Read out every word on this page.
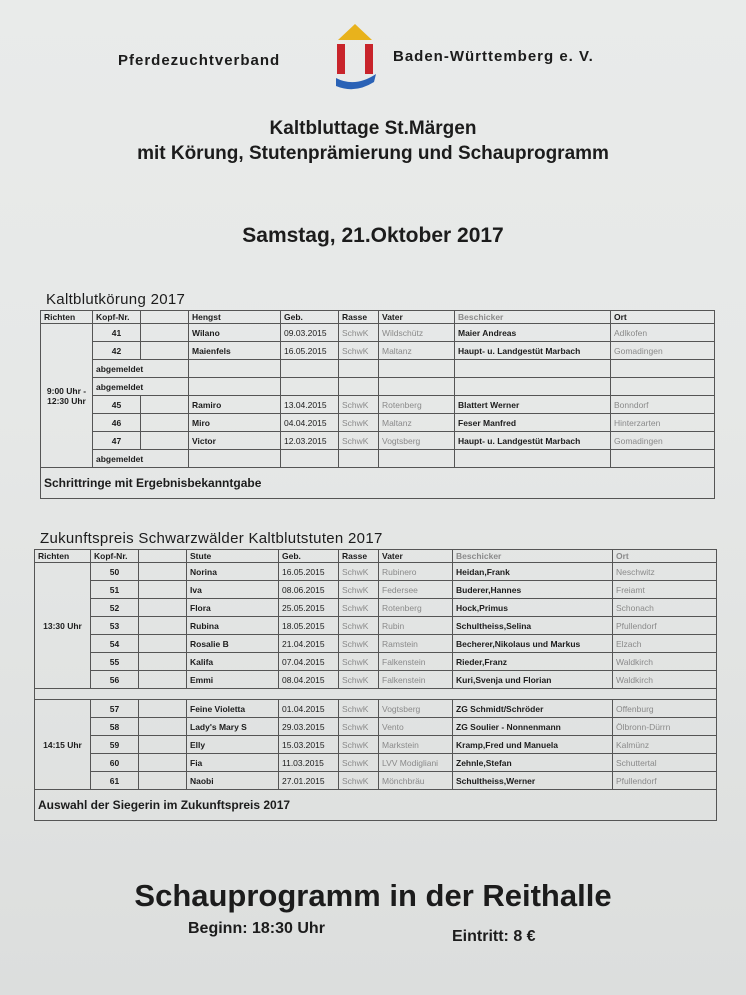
Pferdezuchtverband	Baden-Württemberg e. V.
Kaltbluttage St.Märgen
mit Körung, Stutenprämierung und Schauprogramm
Samstag, 21.Oktober 2017
Kaltblutkörung 2017
Richten	Kopf-Nr.		Hengst	Geb.	Rasse	Vater	Beschicker	Ort
9:00 Uhr - 12:30 Uhr	41		Wilano	09.03.2015	SchwK	Wildschütz	Maier Andreas	Adlkofen
	42		Maienfels	16.05.2015	SchwK	Maltanz	Haupt- u. Landgestüt Marbach	Gomadingen
	abgemeldet							
	abgemeldet							
	45		Ramiro	13.04.2015	SchwK	Rotenberg	Blattert Werner	Bonndorf
	46		Miro	04.04.2015	SchwK	Maltanz	Feser Manfred	Hinterzarten
	47		Victor	12.03.2015	SchwK	Vogtsberg	Haupt- u. Landgestüt Marbach	Gomadingen
	abgemeldet							
Schrittringe mit Ergebnisbekanntgabe								
Zukunftspreis Schwarzwälder Kaltblutstuten 2017
Richten	Kopf-Nr.		Stute	Geb.	Rasse	Vater	Beschicker	Ort
13:30 Uhr	50		Norina	16.05.2015	SchwK	Rubinero	Heidan,Frank	Neschwitz
	51		Iva	08.06.2015	SchwK	Federsee	Buderer,Hannes	Freiamt
	52		Flora	25.05.2015	SchwK	Rotenberg	Hock,Primus	Schonach
	53		Rubina	18.05.2015	SchwK	Rubin	Schultheiss,Selina	Pfullendorf
	54		Rosalie B	21.04.2015	SchwK	Ramstein	Becherer,Nikolaus und Markus	Elzach
	55		Kalifa	07.04.2015	SchwK	Falkenstein	Rieder,Franz	Waldkirch
	56		Emmi	08.04.2015	SchwK	Falkenstein	Kuri,Svenja und Florian	Waldkirch

14:15 Uhr	57		Feine Violetta	01.04.2015	SchwK	Vogtsberg	ZG Schmidt/Schröder	Offenburg
	58		Lady's Mary S	29.03.2015	SchwK	Vento	ZG Soulier - Nonnenmann	Ölbronn-Dürrn
	59		Elly	15.03.2015	SchwK	Markstein	Kramp,Fred und Manuela	Kalmünz
	60		Fia	11.03.2015	SchwK	LVV Modigliani	Zehnle,Stefan	Schuttertal
	61		Naobi	27.01.2015	SchwK	Mönchbräu	Schultheiss,Werner	Pfullendorf
Auswahl der Siegerin im Zukunftspreis 2017								
Schauprogramm in der Reithalle
Beginn: 18:30 Uhr	Eintritt: 8 €
